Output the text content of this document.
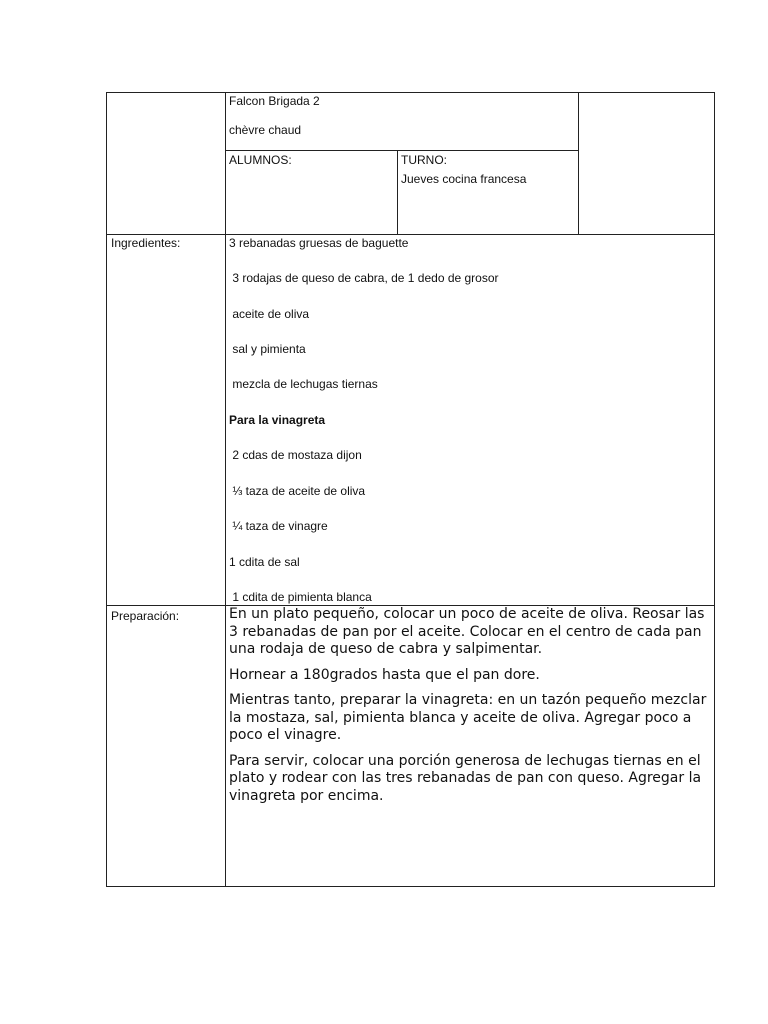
Falcon Brigada 2
chèvre chaud
ALUMNOS:	TURNO:
Jueves cocina francesa
Ingredientes:	3 rebanadas gruesas de baguette
3 rodajas de queso de cabra, de 1 dedo de grosor
aceite de oliva
sal y pimienta
mezcla de lechugas tiernas
Para la vinagreta
2 cdas de mostaza dijon
⅓ taza de aceite de oliva
¼ taza de vinagre
1 cdita de sal
1 cdita de pimienta blanca
Preparación:	En un plato pequeño, colocar un poco de aceite de oliva. Reosar las 3 rebanadas de pan por el aceite. Colocar en el centro de cada pan una rodaja de queso de cabra y salpimentar.

Hornear a 180grados hasta que el pan dore.

Mientras tanto, preparar la vinagreta: en un tazón pequeño mezclar la mostaza, sal, pimienta blanca y aceite de oliva. Agregar poco a poco el vinagre.

Para servir, colocar una porción generosa de lechugas tiernas en el plato y rodear con las tres rebanadas de pan con queso. Agregar la vinagreta por encima.
